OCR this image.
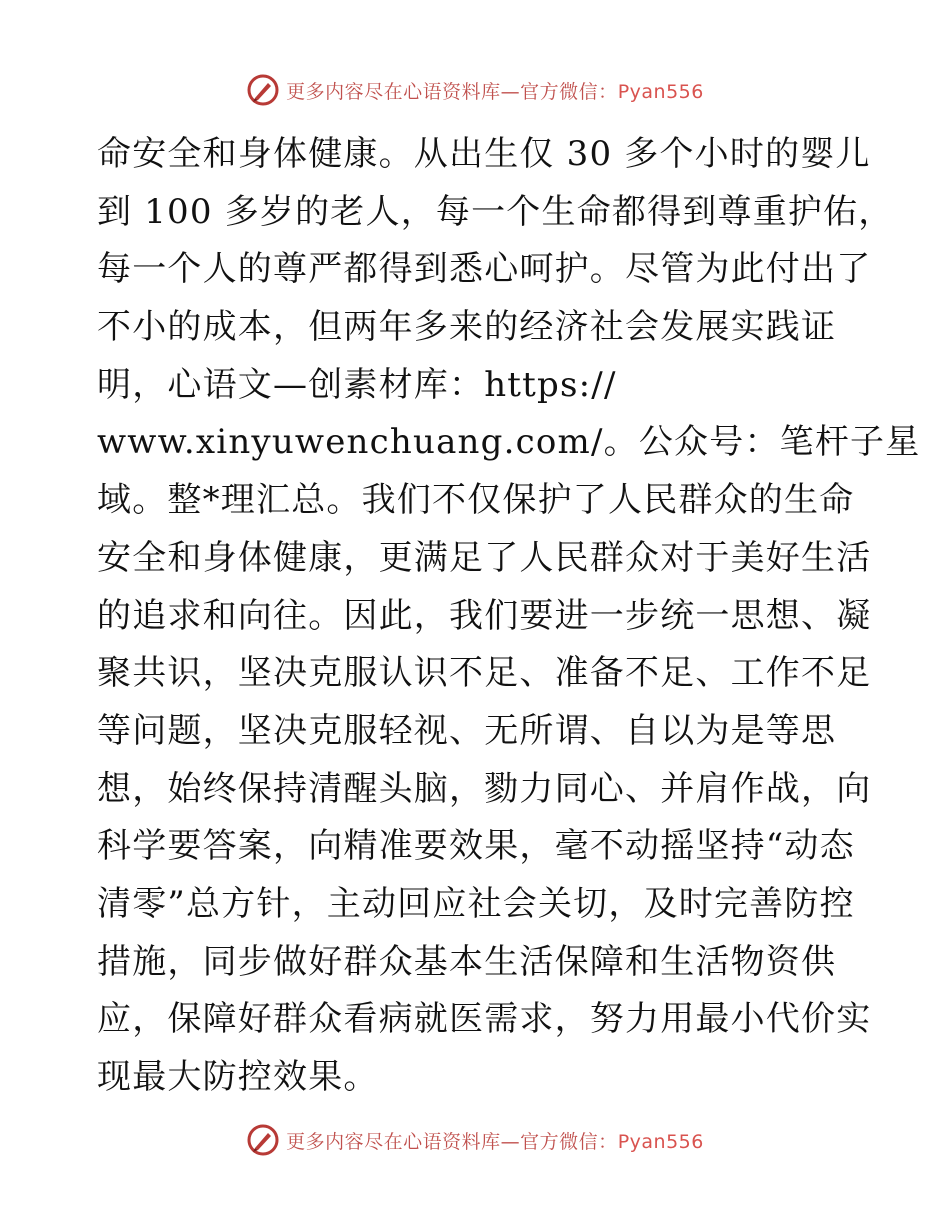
更多内容尽在心语资料库—官方微信：Pyan556
命安全和身体健康。从出生仅 30 多个小时的婴儿
到 100 多岁的老人，每一个生命都得到尊重护佑，
每一个人的尊严都得到悉心呵护。尽管为此付出了
不小的成本，但两年多来的经济社会发展实践证
明，心语文—创素材库：https://
www.xinyuwenchuang.com/。公众号：笔杆子星
域。整*理汇总。我们不仅保护了人民群众的生命
安全和身体健康，更满足了人民群众对于美好生活
的追求和向往。因此，我们要进一步统一思想、凝
聚共识，坚决克服认识不足、准备不足、工作不足
等问题，坚决克服轻视、无所谓、自以为是等思
想，始终保持清醒头脑，勠力同心、并肩作战，向
科学要答案，向精准要效果，毫不动摇坚持“动态
清零”总方针，主动回应社会关切，及时完善防控
措施，同步做好群众基本生活保障和生活物资供
应，保障好群众看病就医需求，努力用最小代价实
现最大防控效果。
更多内容尽在心语资料库—官方微信：Pyan556
